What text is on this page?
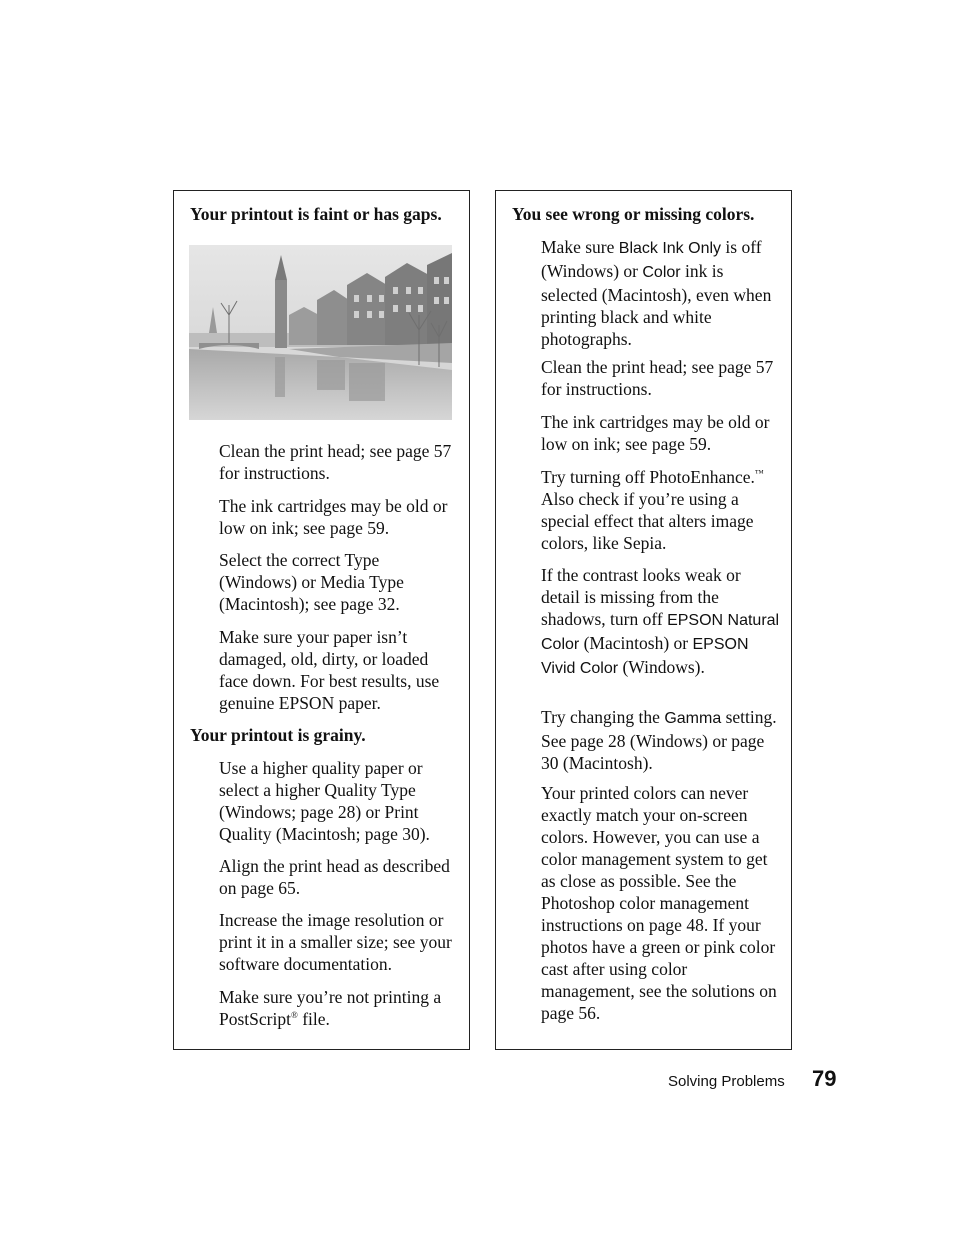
Your printout is faint or has gaps.

Clean the print head; see page 57 for instructions.

The ink cartridges may be old or low on ink; see page 59.

Select the correct Type (Windows) or Media Type (Macintosh); see page 32.

Make sure your paper isn’t damaged, old, dirty, or loaded face down. For best results, use genuine EPSON paper.

Your printout is grainy.

Use a higher quality paper or select a higher Quality Type (Windows; page 28) or Print Quality (Macintosh; page 30).

Align the print head as described on page 65.

Increase the image resolution or print it in a smaller size; see your software documentation.

Make sure you’re not printing a PostScript® file.

You see wrong or missing colors.

Make sure Black Ink Only is off (Windows) or Color ink is selected (Macintosh), even when printing black and white photographs.

Clean the print head; see page 57 for instructions.

The ink cartridges may be old or low on ink; see page 59.

Try turning off PhotoEnhance.™ Also check if you’re using a special effect that alters image colors, like Sepia.

If the contrast looks weak or detail is missing from the shadows, turn off EPSON Natural Color (Macintosh) or EPSON Vivid Color (Windows).

Try changing the Gamma setting. See page 28 (Windows) or page 30 (Macintosh).

Your printed colors can never exactly match your on-screen colors. However, you can use a color management system to get as close as possible. See the Photoshop color management instructions on page 48. If your photos have a green or pink color cast after using color management, see the solutions on page 56.

Solving Problems 79
